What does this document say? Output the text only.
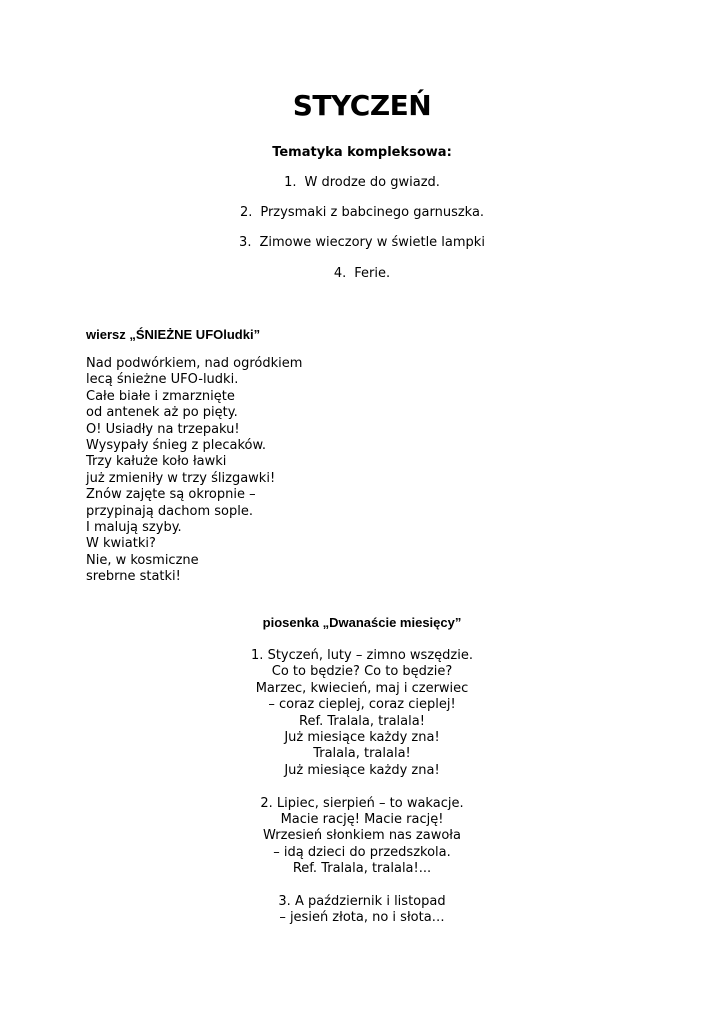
STYCZEŃ
Tematyka kompleksowa:
1. W drodze do gwiazd.
2. Przysmaki z babcinego garnuszka.
3. Zimowe wieczory w świetle lampki
4. Ferie.
wiersz „ŚNIEŻNE UFOludki”
Nad podwórkiem, nad ogródkiem
lecą śnieżne UFO-ludki.
Całe białe i zmarznięte
od antenek aż po pięty.
O! Usiadły na trzepaku!
Wysypały śnieg z plecaków.
Trzy kałuże koło ławki
już zmieniły w trzy ślizgawki!
Znów zajęte są okropnie –
przypinają dachom sople.
I malują szyby.
W kwiatki?
Nie, w kosmiczne
srebrne statki!
piosenka „Dwanaście miesięcy”
1. Styczeń, luty – zimno wszędzie.
Co to będzie? Co to będzie?
Marzec, kwiecień, maj i czerwiec
– coraz cieplej, coraz cieplej!
Ref. Tralala, tralala!
Już miesiące każdy zna!
Tralala, tralala!
Już miesiące każdy zna!
2. Lipiec, sierpień – to wakacje.
Macie rację! Macie rację!
Wrzesień słonkiem nas zawoła
– idą dzieci do przedszkola.
Ref. Tralala, tralala!...
3. A październik i listopad
– jesień złota, no i słota…
